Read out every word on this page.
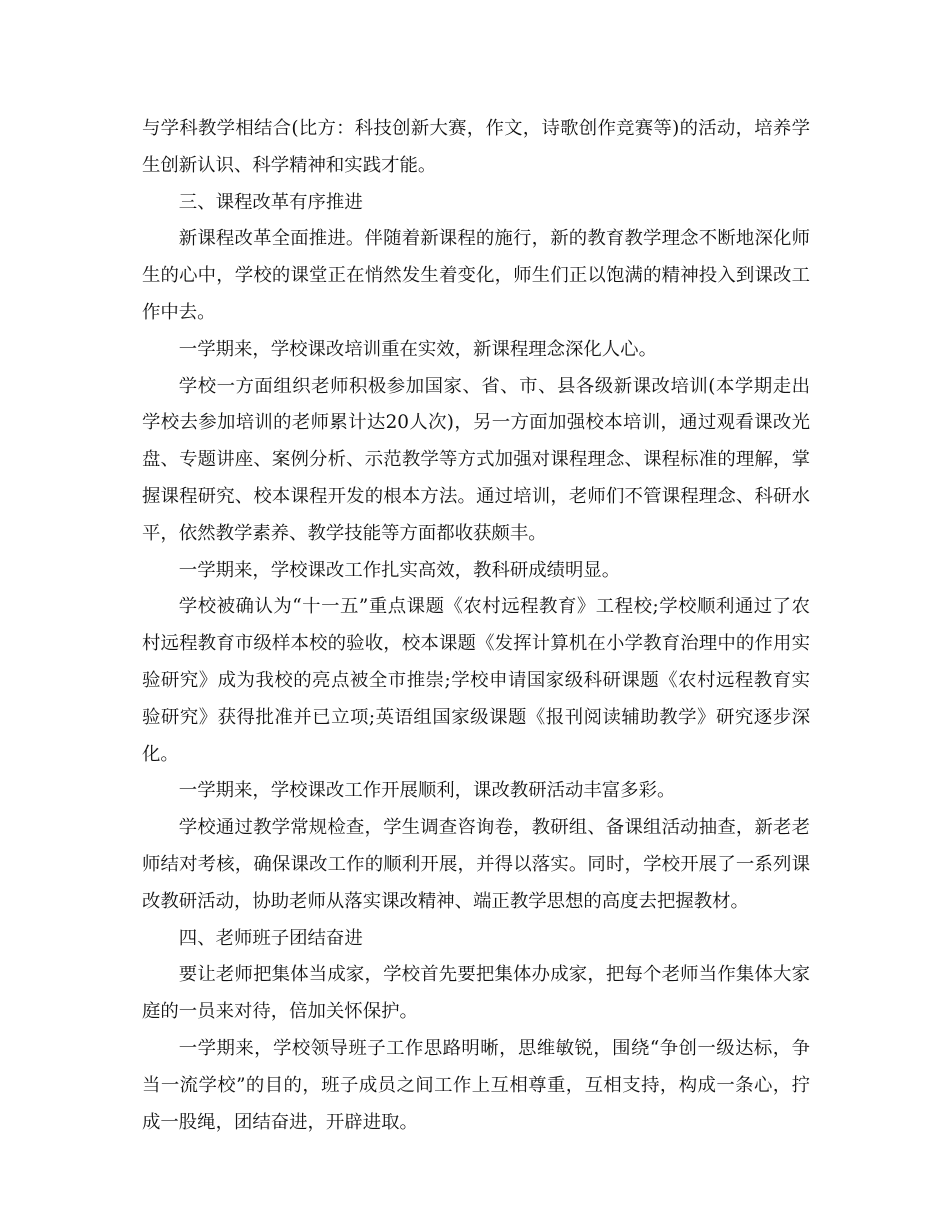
与学科教学相结合(比方：科技创新大赛，作文，诗歌创作竞赛等)的活动，培养学生创新认识、科学精神和实践才能。

三、课程改革有序推进

新课程改革全面推进。伴随着新课程的施行，新的教育教学理念不断地深化师生的心中，学校的课堂正在悄然发生着变化，师生们正以饱满的精神投入到课改工作中去。

一学期来，学校课改培训重在实效，新课程理念深化人心。

学校一方面组织老师积极参加国家、省、市、县各级新课改培训(本学期走出学校去参加培训的老师累计达20人次)，另一方面加强校本培训，通过观看课改光盘、专题讲座、案例分析、示范教学等方式加强对课程理念、课程标准的理解，掌握课程研究、校本课程开发的根本方法。通过培训，老师们不管课程理念、科研水平，依然教学素养、教学技能等方面都收获颇丰。

一学期来，学校课改工作扎实高效，教科研成绩明显。

学校被确认为“十一五”重点课题《农村远程教育》工程校;学校顺利通过了农村远程教育市级样本校的验收，校本课题《发挥计算机在小学教育治理中的作用实验研究》成为我校的亮点被全市推崇;学校申请国家级科研课题《农村远程教育实验研究》获得批准并已立项;英语组国家级课题《报刊阅读辅助教学》研究逐步深化。

一学期来，学校课改工作开展顺利，课改教研活动丰富多彩。

学校通过教学常规检查，学生调查咨询卷，教研组、备课组活动抽查，新老老师结对考核，确保课改工作的顺利开展，并得以落实。同时，学校开展了一系列课改教研活动，协助老师从落实课改精神、端正教学思想的高度去把握教材。

四、老师班子团结奋进

要让老师把集体当成家，学校首先要把集体办成家，把每个老师当作集体大家庭的一员来对待，倍加关怀保护。

一学期来，学校领导班子工作思路明晰，思维敏锐，围绕“争创一级达标，争当一流学校”的目的，班子成员之间工作上互相尊重，互相支持，构成一条心，拧成一股绳，团结奋进，开辟进取。
